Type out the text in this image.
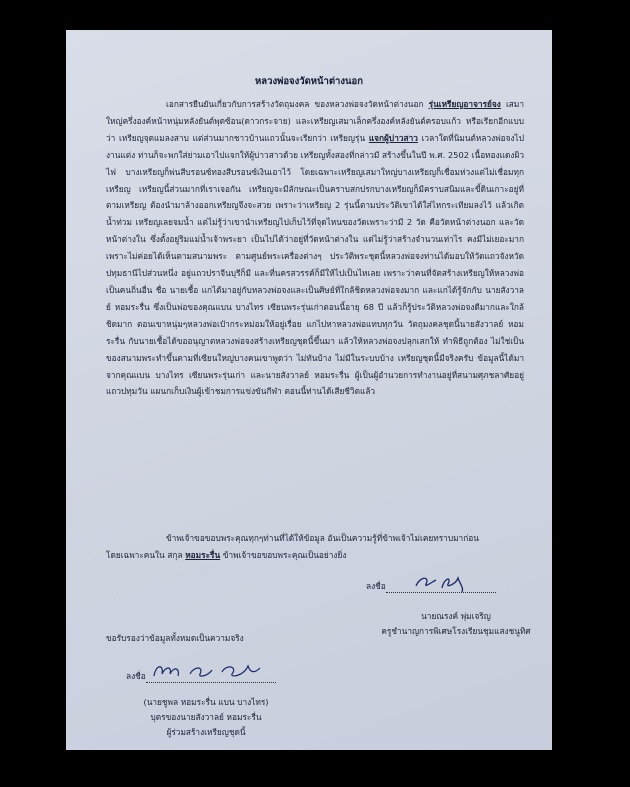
หลวงพ่อจงวัดหน้าต่างนอก

เอกสารยืนยันเกี่ยวกับการสร้างวัตถุมงคล ของหลวงพ่อจงวัดหน้าต่างนอก รุ่นเหรียญอาจารย์จง เสมาใหญ่ครึ่งองค์หน้าหนุ่มหลังยันต์พุดซ้อน(ดาวกระจาย) และเหรียญเสมาเล็กครึ่งองค์หลังยันต์ครอบแก้ว หรือเรียกอีกแบบว่า เหรียญจุดแมลงสาบ แต่ส่วนมากชาวบ้านแถวนั้นจะเรียกว่า เหรียญรุ่น แจกผู้บ่าวสาว เวลาใดที่นิมนต์หลวงพ่อจงไปงานแต่ง ท่านก็จะพกใส่ย่ามเอาไปแจกให้ผู้บ่าวสาวด้วย เหรียญทั้งสองที่กล่าวมี สร้างขึ้นในปี พ.ศ. 2502 เนื้อทองแดงผิวไฟ บางเหรียญก็พ่นสีบรอนซ์ทองสีบรอนซ์เงินเอาไว้ โดยเฉพาะเหรียญเสมาใหญ่บางเหรียญก็เชื่อมห่วงแต่ไม่เชื่อมทุกเหรียญ เหรียญนี้ส่วนมากที่เราเจอกัน เหรียญจะมีลักษณะเป็นคราบสกปรกบางเหรียญก็มีคราบสนิมและขี้ดินเกาะอยู่ที่ตามเหรียญ ต้องนำมาล้างออกเหรียญจึงจะสวย เพราะว่าเหรียญ 2 รุ่นนี้ตามประวัติเขาได้ใส่ไหกระเทียมลงไว้ แล้วเกิดน้ำท่วม เหรียญเลยจมน้ำ แต่ไม่รู้ว่าเขานำเหรียญไปเก็บไว้ที่จุดไหนของวัดเพราะว่ามี 2 วัด คือวัดหน้าต่างนอก และวัดหน้าต่างใน ซึ่งตั้งอยู่ริมแม่น้ำเจ้าพระยา เป็นไปได้ว่าอยู่ที่วัดหน้าต่างใน แต่ไม่รู้ว่าสร้างจำนวนเท่าไร คงมีไม่เยอะมากเพราะไม่ค่อยได้เห็นตามสนามพระ ตามศูนย์พระเครื่องต่างๆ ประวัติพระชุดนี้หลวงพ่อจงท่านได้มอบให้วัดแถวจังหวัดปทุมธานีไปส่วนหนึ่ง อยู่แถวปราจีนบุรีก็มี และที่นครสวรรค์ก็มีให้ไปเป็นไหเลย เพราะว่าคนที่จัดสร้างเหรียญให้หลวงพ่อเป็นคนถิ่นอื่น ชื่อ นายเชื้อ แกได้มาอยู่กับหลวงพ่อจงและเป็นศิษย์ที่ใกล้ชิดหลวงพ่อจงมาก และแกได้รู้จักกับ นายสังวาลย์ หอมระรื่น ซึ่งเป็นพ่อของคุณแบน บางไทร เซียนพระรุ่นเก่าตอนนี้อายุ 68 ปี แล้วก็รู้ประวัติหลวงพ่อจงดีมากและใกล้ชิดมาก ตอนเขาหนุ่มๆหลวงพ่อเป๋ากระหม่อมให้อยู่เรื่อย แกไปหาหลวงพ่อแทบทุกวัน วัตถุมงคลชุดนี้นายสังวาลย์ หอมระรื่น กับนายเชื้อได้ขออนุญาตหลวงพ่อจงสร้างเหรียญชุดนี้ขึ้นมา แล้วให้หลวงพ่อจงปลุกเสกให้ ทำพิธีถูกต้อง ไม่ใช่เป็นของสนามพระทำขึ้นตามที่เซียนใหญ่บางคนเขาพูดว่า ไม่ทันบ้าง ไม่มีในระบบบ้าง เหรียญชุดนี้มีจริงครับ ข้อมูลนี้ได้มาจากคุณแบน บางไทร เซียนพระรุ่นเก่า และนายสังวาลย์ หอมระรื่น ผู้เป็นผู้อำนวยการทำงานอยู่ที่สนามศุภชลาศัยอยู่แถวปทุมวัน แผนกเก็บเงินผู้เข้าชมการแข่งขันกีฬา ตอนนี้ท่านได้เสียชีวิตแล้ว

ข้าพเจ้าขอขอบพระคุณทุกๆท่านที่ได้ให้ข้อมูล อันเป็นความรู้ที่ข้าพเจ้าไม่เคยทราบมาก่อน
โดยเฉพาะคนใน สกุล หอมระรื่น ข้าพเจ้าขอขอบพระคุณเป็นอย่างยิ่ง
ลงชื่อ
นายณรงค์ พุ่มเจริญ
ครูชำนาญการพิเศษโรงเรียนชุมแสงชนูทิศ
ขอรับรองว่าข้อมูลทั้งหมดเป็นความจริง
ลงชื่อ
(นายชูพล หอมระรื่น แบน บางไทร)
บุตรของนายสังวาลย์ หอมระรื่น
ผู้ร่วมสร้างเหรียญชุดนี้
